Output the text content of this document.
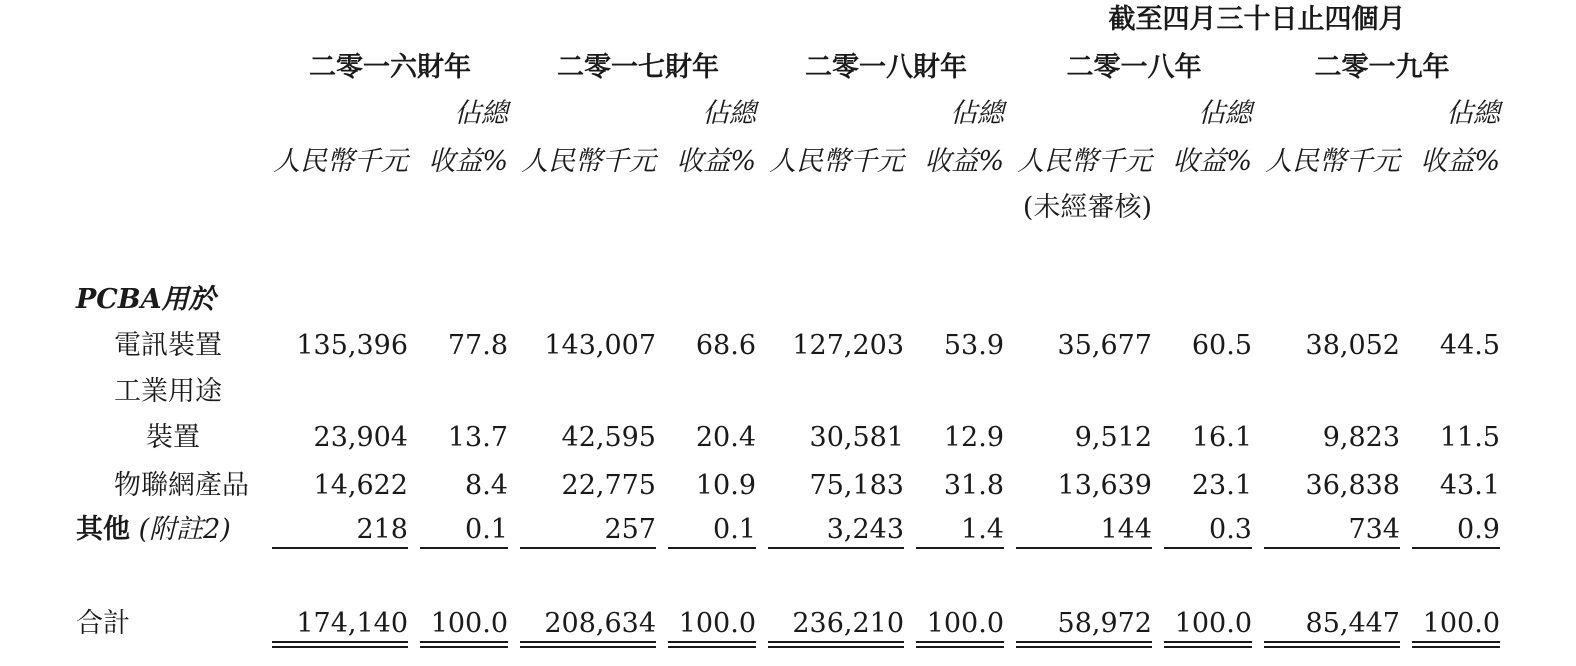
截至四月三十日止四個月
二零一六財年	二零一七財年	二零一八財年	二零一八年	二零一九年
佔總	佔總	佔總	佔總	佔總
人民幣千元 收益% 人民幣千元 收益% 人民幣千元 收益% 人民幣千元 收益% 人民幣千元 收益%
(未經審核)
PCBA用於
電訊裝置	135,396	77.8	143,007	68.6	127,203	53.9	35,677	60.5	38,052	44.5
工業用途
裝置	23,904	13.7	42,595	20.4	30,581	12.9	9,512	16.1	9,823	11.5
物聯網產品	14,622	8.4	22,775	10.9	75,183	31.8	13,639	23.1	36,838	43.1
其他 (附註2)	218	0.1	257	0.1	3,243	1.4	144	0.3	734	0.9
合計	174,140 100.0	208,634 100.0	236,210 100.0	58,972 100.0	85,447 100.0
